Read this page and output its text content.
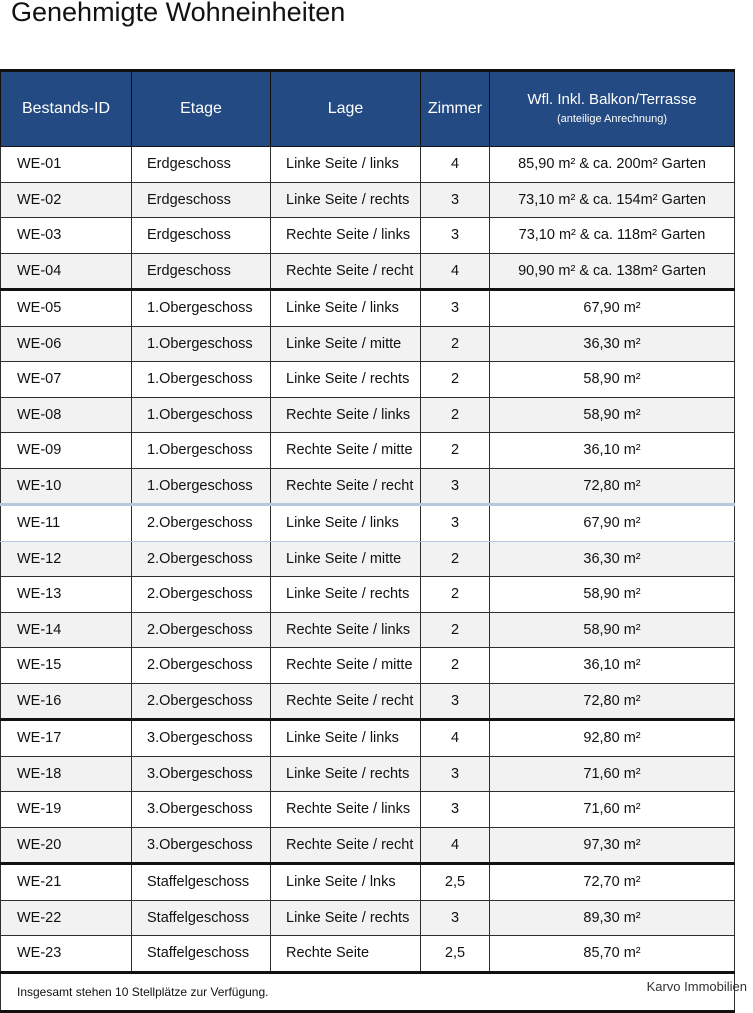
Genehmigte Wohneinheiten
Bestands-ID	Etage	Lage	Zimmer	Wfl. Inkl. Balkon/Terrasse
(anteilige Anrechnung)

WE-01	Erdgeschoss	Linke Seite / links	4	85,90 m² & ca. 200m² Garten
WE-02	Erdgeschoss	Linke Seite / rechts	3	73,10 m² & ca. 154m² Garten
WE-03	Erdgeschoss	Rechte Seite / links	3	73,10 m² & ca. 118m² Garten
WE-04	Erdgeschoss	Rechte Seite / recht	4	90,90 m² & ca. 138m² Garten
WE-05	1.Obergeschoss	Linke Seite / links	3	67,90 m²
WE-06	1.Obergeschoss	Linke Seite / mitte	2	36,30 m²
WE-07	1.Obergeschoss	Linke Seite / rechts	2	58,90 m²
WE-08	1.Obergeschoss	Rechte Seite / links	2	58,90 m²
WE-09	1.Obergeschoss	Rechte Seite / mitte	2	36,10 m²
WE-10	1.Obergeschoss	Rechte Seite / recht	3	72,80 m²
WE-11	2.Obergeschoss	Linke Seite / links	3	67,90 m²
WE-12	2.Obergeschoss	Linke Seite / mitte	2	36,30 m²
WE-13	2.Obergeschoss	Linke Seite / rechts	2	58,90 m²
WE-14	2.Obergeschoss	Rechte Seite / links	2	58,90 m²
WE-15	2.Obergeschoss	Rechte Seite / mitte	2	36,10 m²
WE-16	2.Obergeschoss	Rechte Seite / recht	3	72,80 m²
WE-17	3.Obergeschoss	Linke Seite / links	4	92,80 m²
WE-18	3.Obergeschoss	Linke Seite / rechts	3	71,60 m²
WE-19	3.Obergeschoss	Rechte Seite / links	3	71,60 m²
WE-20	3.Obergeschoss	Rechte Seite / recht	4	97,30 m²
WE-21	Staffelgeschoss	Linke Seite / lnks	2,5	72,70 m²
WE-22	Staffelgeschoss	Linke Seite / rechts	3	89,30 m²
WE-23	Staffelgeschoss	Rechte Seite	2,5	85,70 m²
Insgesamt stehen 10 Stellplätze zur Verfügung.					Karvo Immobilien
